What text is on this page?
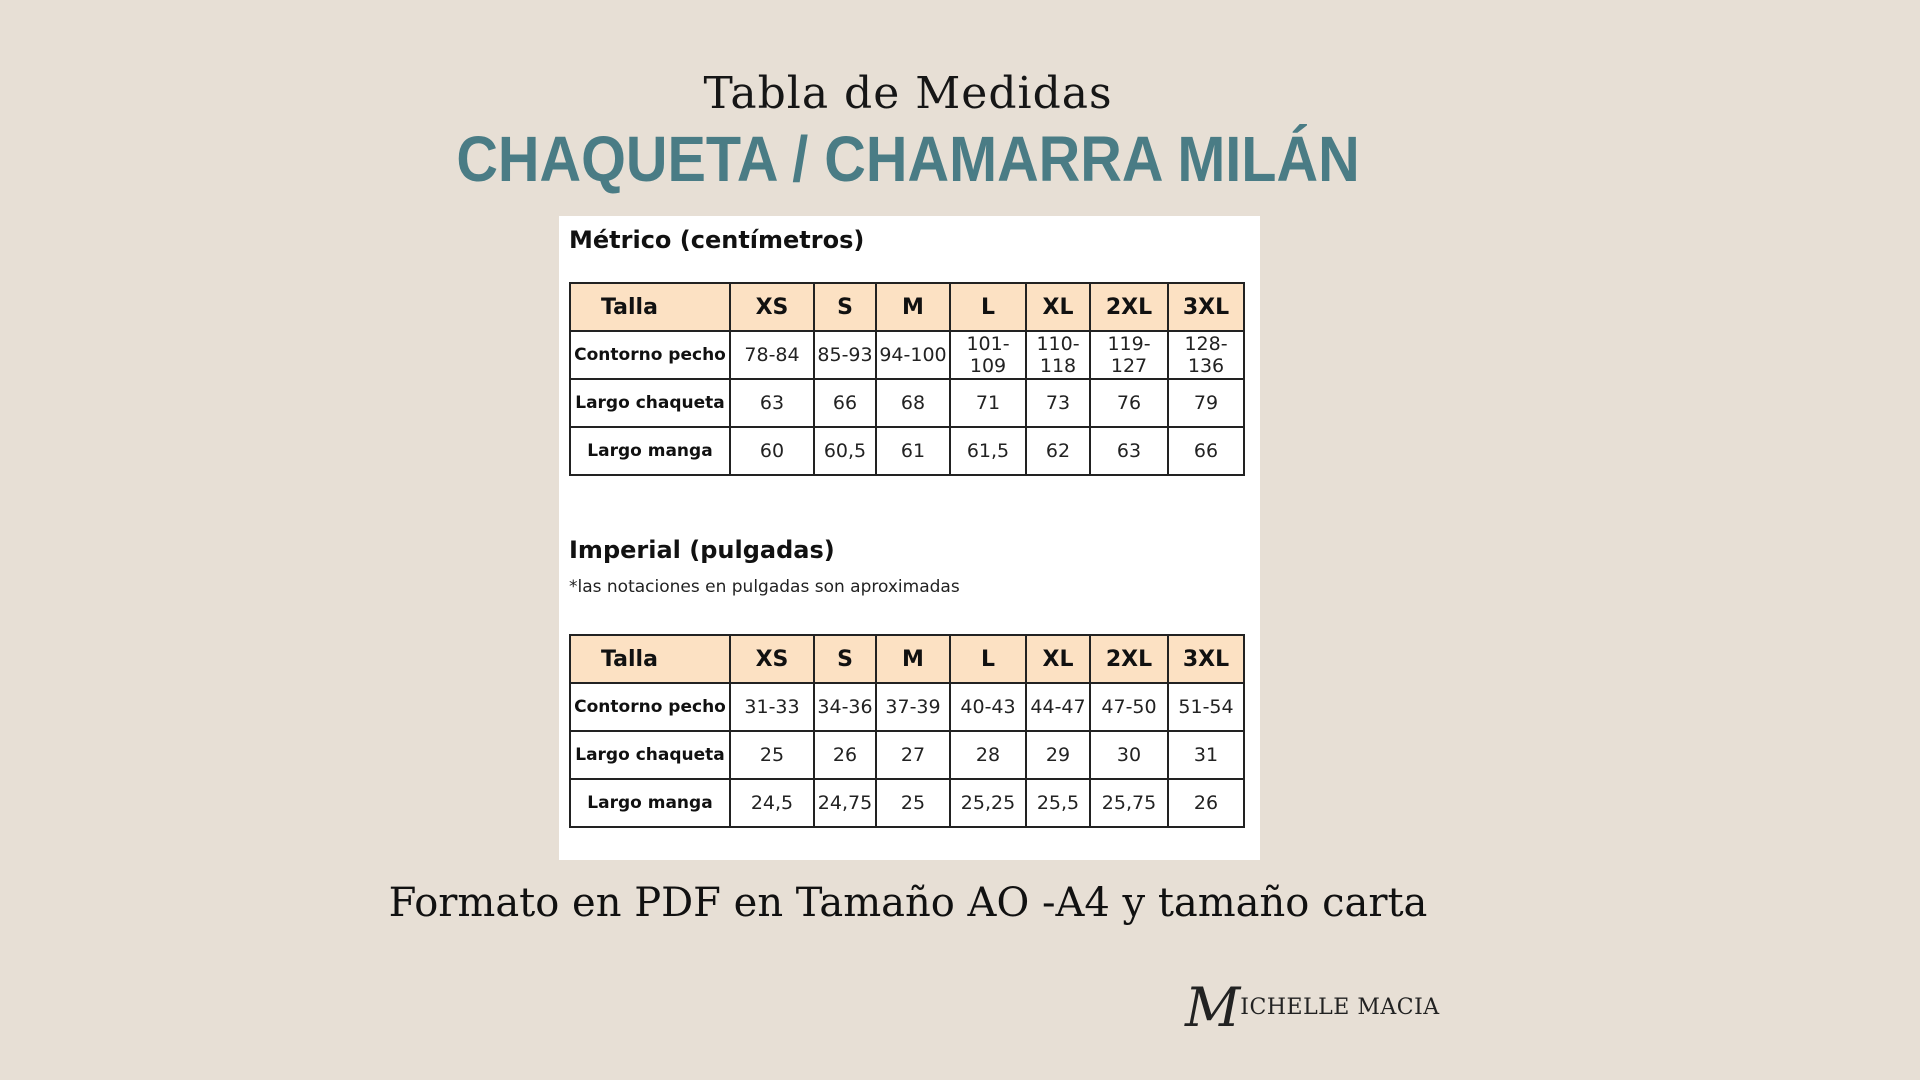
Tabla de Medidas
CHAQUETA / CHAMARRA MILÁN
Métrico (centímetros)
Talla	XS	S	M	L	XL	2XL	3XL
Contorno pecho	78-84	85-93	94-100	101- 109	110-118	119- 127	128-136
Largo chaqueta	63	66	68	71	73	76	79
Largo manga	60	60,5	61	61,5	62	63	66
Imperial (pulgadas)
*las notaciones en pulgadas son aproximadas
Talla	XS	S	M	L	XL	2XL	3XL
Contorno pecho	31-33	34-36	37-39	40-43	44-47	47-50	51-54
Largo chaqueta	25	26	27	28	29	30	31
Largo manga	24,5	24,75	25	25,25	25,5	25,75	26
Formato en PDF en Tamaño AO -A4 y tamaño carta
MICHELLE MACIA
